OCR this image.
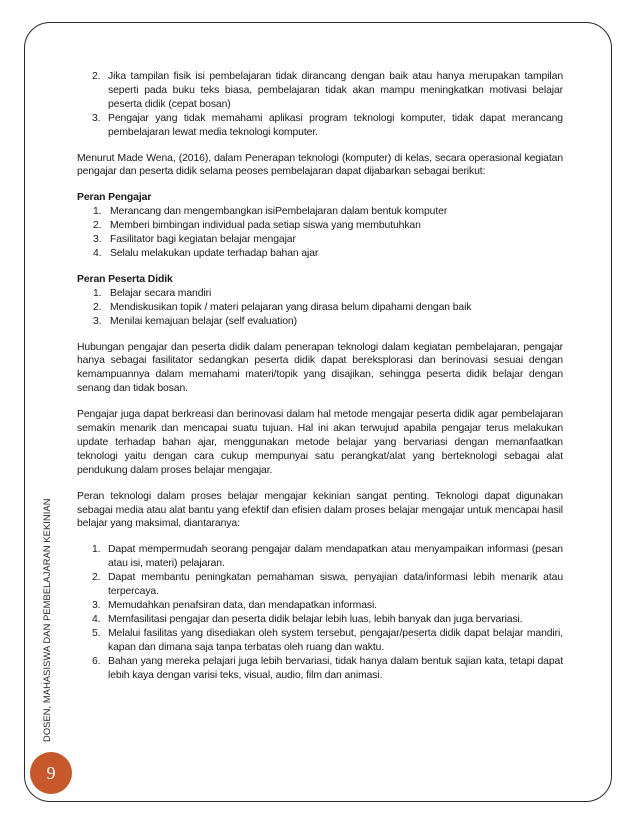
DOSEN, MAHASISWA DAN PEMBELAJARAN KEKINIAN
9
2. Jika tampilan fisik isi pembelajaran tidak dirancang dengan baik atau hanya merupakan tampilan seperti pada buku teks biasa, pembelajaran tidak akan mampu meningkatkan motivasi belajar peserta didik (cepat bosan)
3. Pengajar yang tidak memahami aplikasi program teknologi komputer, tidak dapat merancang pembelajaran lewat media teknologi komputer.

Menurut Made Wena, (2016), dalam Penerapan teknologi (komputer) di kelas, secara operasional kegiatan pengajar dan peserta didik selama peoses pembelajaran dapat dijabarkan sebagai berikut:

Peran Pengajar

1. Merancang dan mengembangkan isiPembelajaran dalam bentuk komputer
2. Memberi bimbingan individual pada setiap siswa yang membutuhkan
3. Fasilitator bagi kegiatan belajar mengajar
4. Selalu melakukan update terhadap bahan ajar

Peran Peserta Didik

1. Belajar secara mandiri
2. Mendiskusikan topik / materi pelajaran yang dirasa belum dipahami dengan baik
3. Menilai kemajuan belajar (self evaluation)

Hubungan pengajar dan peserta didik dalam penerapan teknologi dalam kegiatan pembelajaran, pengajar hanya sebagai fasilitator sedangkan peserta didik dapat bereksplorasi dan berinovasi sesuai dengan kemampuannya dalam memahami materi/topik yang disajikan, sehingga peserta didik belajar dengan senang dan tidak bosan.

Pengajar juga dapat berkreasi dan berinovasi dalam hal metode mengajar peserta didik agar pembelajaran semakin menarik dan mencapai suatu tujuan. Hal ini akan terwujud apabila pengajar terus melakukan update terhadap bahan ajar, menggunakan metode belajar yang bervariasi dengan memanfaatkan teknologi yaitu dengan cara cukup mempunyai satu perangkat/alat yang berteknologi sebagai alat pendukung dalam proses belajar mengajar.

Peran teknologi dalam proses belajar mengajar kekinian sangat penting. Teknologi dapat digunakan sebagai media atau alat bantu yang efektif dan efisien dalam proses belajar mengajar untuk mencapai hasil belajar yang maksimal, diantaranya:

1. Dapat mempermudah seorang pengajar dalam mendapatkan atau menyampaikan informasi (pesan atau isi, materi) pelajaran.
2. Dapat membantu peningkatan pemahaman siswa, penyajian data/informasi lebih menarik atau terpercaya.
3. Memudahkan penafsiran data, dan mendapatkan informasi.
4. Memfasilitasi pengajar dan peserta didik belajar lebih luas, lebih banyak dan juga bervariasi.
5. Melalui fasilitas yang disediakan oleh system tersebut, pengajar/peserta didik dapat belajar mandiri, kapan dan dimana saja tanpa terbatas oleh ruang dan waktu.
6. Bahan yang mereka pelajari juga lebih bervariasi, tidak hanya dalam bentuk sajian kata, tetapi dapat lebih kaya dengan varisi teks, visual, audio, film dan animasi.
